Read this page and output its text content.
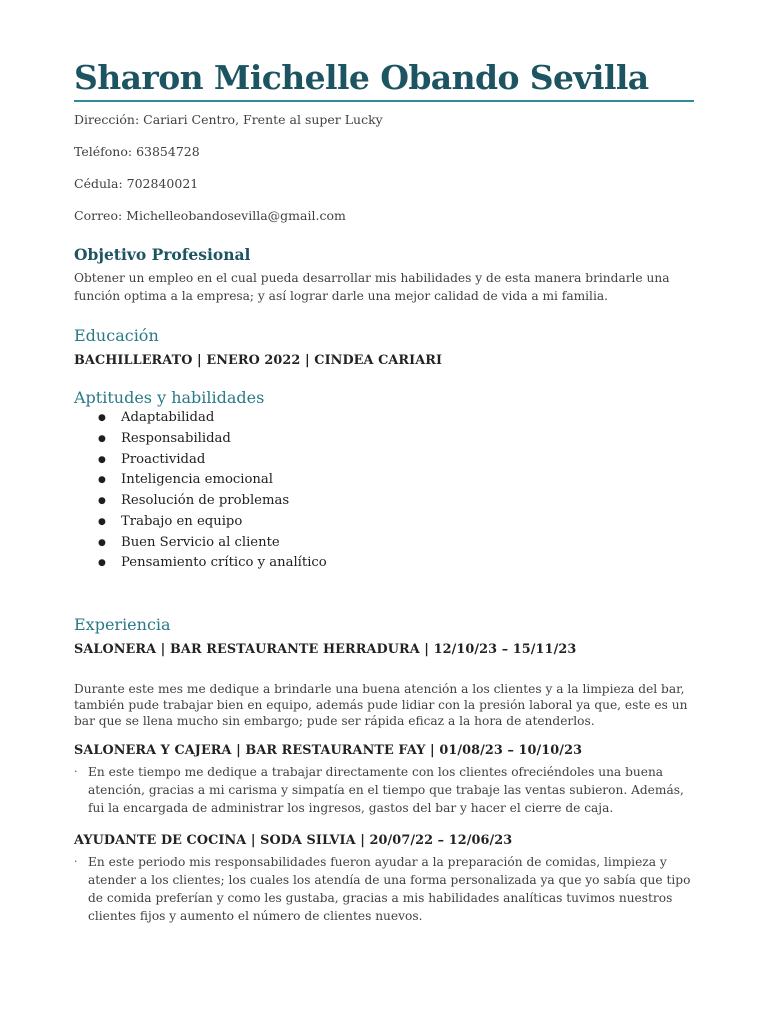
Sharon Michelle Obando Sevilla

Dirección: Cariari Centro, Frente al super Lucky

Teléfono: 63854728

Cédula: 702840021

Correo: Michelleobandosevilla@gmail.com

Objetivo Profesional

Obtener un empleo en el cual pueda desarrollar mis habilidades y de esta manera brindarle una función optima a la empresa; y así lograr darle una mejor calidad de vida a mi familia.

Educación

BACHILLERATO | ENERO 2022 | CINDEA CARIARI

Aptitudes y habilidades
● Adaptabilidad
● Responsabilidad
● Proactividad
● Inteligencia emocional
● Resolución de problemas
● Trabajo en equipo
● Buen Servicio al cliente
● Pensamiento crítico y analítico
Experiencia

SALONERA | BAR RESTAURANTE HERRADURA | 12/10/23 – 15/11/23

Durante este mes me dedique a brindarle una buena atención a los clientes y a la limpieza del bar, también pude trabajar bien en equipo, además pude lidiar con la presión laboral ya que, este es un bar que se llena mucho sin embargo; pude ser rápida eficaz a la hora de atenderlos.

SALONERA Y CAJERA | BAR RESTAURANTE FAY | 01/08/23 – 10/10/23

· En este tiempo me dedique a trabajar directamente con los clientes ofreciéndoles una buena atención, gracias a mi carisma y simpatía en el tiempo que trabaje las ventas subieron. Además, fui la encargada de administrar los ingresos, gastos del bar y hacer el cierre de caja.

AYUDANTE DE COCINA | SODA SILVIA | 20/07/22 – 12/06/23

· En este periodo mis responsabilidades fueron ayudar a la preparación de comidas, limpieza y atender a los clientes; los cuales los atendía de una forma personalizada ya que yo sabía que tipo de comida preferían y como les gustaba, gracias a mis habilidades analíticas tuvimos nuestros clientes fijos y aumento el número de clientes nuevos.
